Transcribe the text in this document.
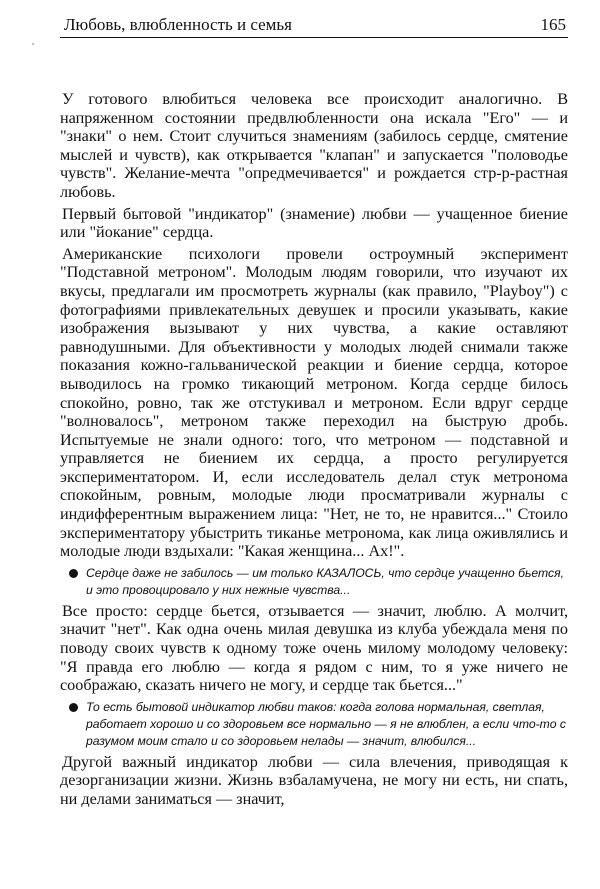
▫
Любовь, влюбленность и семья	165

У готового влюбиться человека все происходит аналогично. В напряженном состоянии предвлюбленности она искала "Его" — и "знаки" о нем. Стоит случиться знамениям (забилось сердце, смятение мыслей и чувств), как открывается "клапан" и запускается "половодье чувств". Желание-мечта "опредмечивается" и рождается стр-р-растная любовь.

Первый бытовой "индикатор" (знамение) любви — учащенное биение или "йокание" сердца.

Американские психологи провели остроумный эксперимент "Подставной метроном". Молодым людям говорили, что изучают их вкусы, предлагали им просмотреть журналы (как правило, "Playboy") с фотографиями привлекательных девушек и просили указывать, какие изображения вызывают у них чувства, а какие оставляют равнодушными. Для объективности у молодых людей снимали также показания кожно-гальванической реакции и биение сердца, которое выводилось на громко тикающий метроном. Когда сердце билось спокойно, ровно, так же отстукивал и метроном. Если вдруг сердце "волновалось", метроном также переходил на быструю дробь. Испытуемые не знали одного: того, что метроном — подставной и управляется не биением их сердца, а просто регулируется экспериментатором. И, если исследователь делал стук метронома спокойным, ровным, молодые люди просматривали журналы с индифферентным выражением лица: "Нет, не то, не нравится..." Стоило экспериментатору убыстрить тиканье метронома, как лица оживлялись и молодые люди вздыхали: "Какая женщина... Ах!".

Сердце даже не забилось — им только КАЗАЛОСЬ, что сердце учащенно бьется, и это провоцировало у них нежные чувства...

Все просто: сердце бьется, отзывается — значит, люблю. А молчит, значит "нет". Как одна очень милая девушка из клуба убеждала меня по поводу своих чувств к одному тоже очень милому молодому человеку: "Я правда его люблю — когда я рядом с ним, то я уже ничего не соображаю, сказать ничего не могу, и сердце так бьется..."

То есть бытовой индикатор любви таков: когда голова нормальная, светлая, работает хорошо и со здоровьем все нормально — я не влюблен, а если что-то с разумом моим стало и со здоровьем нелады — значит, влюбился...

Другой важный индикатор любви — сила влечения, приводящая к дезорганизации жизни. Жизнь взбаламучена, не могу ни есть, ни спать, ни делами заниматься — значит,
